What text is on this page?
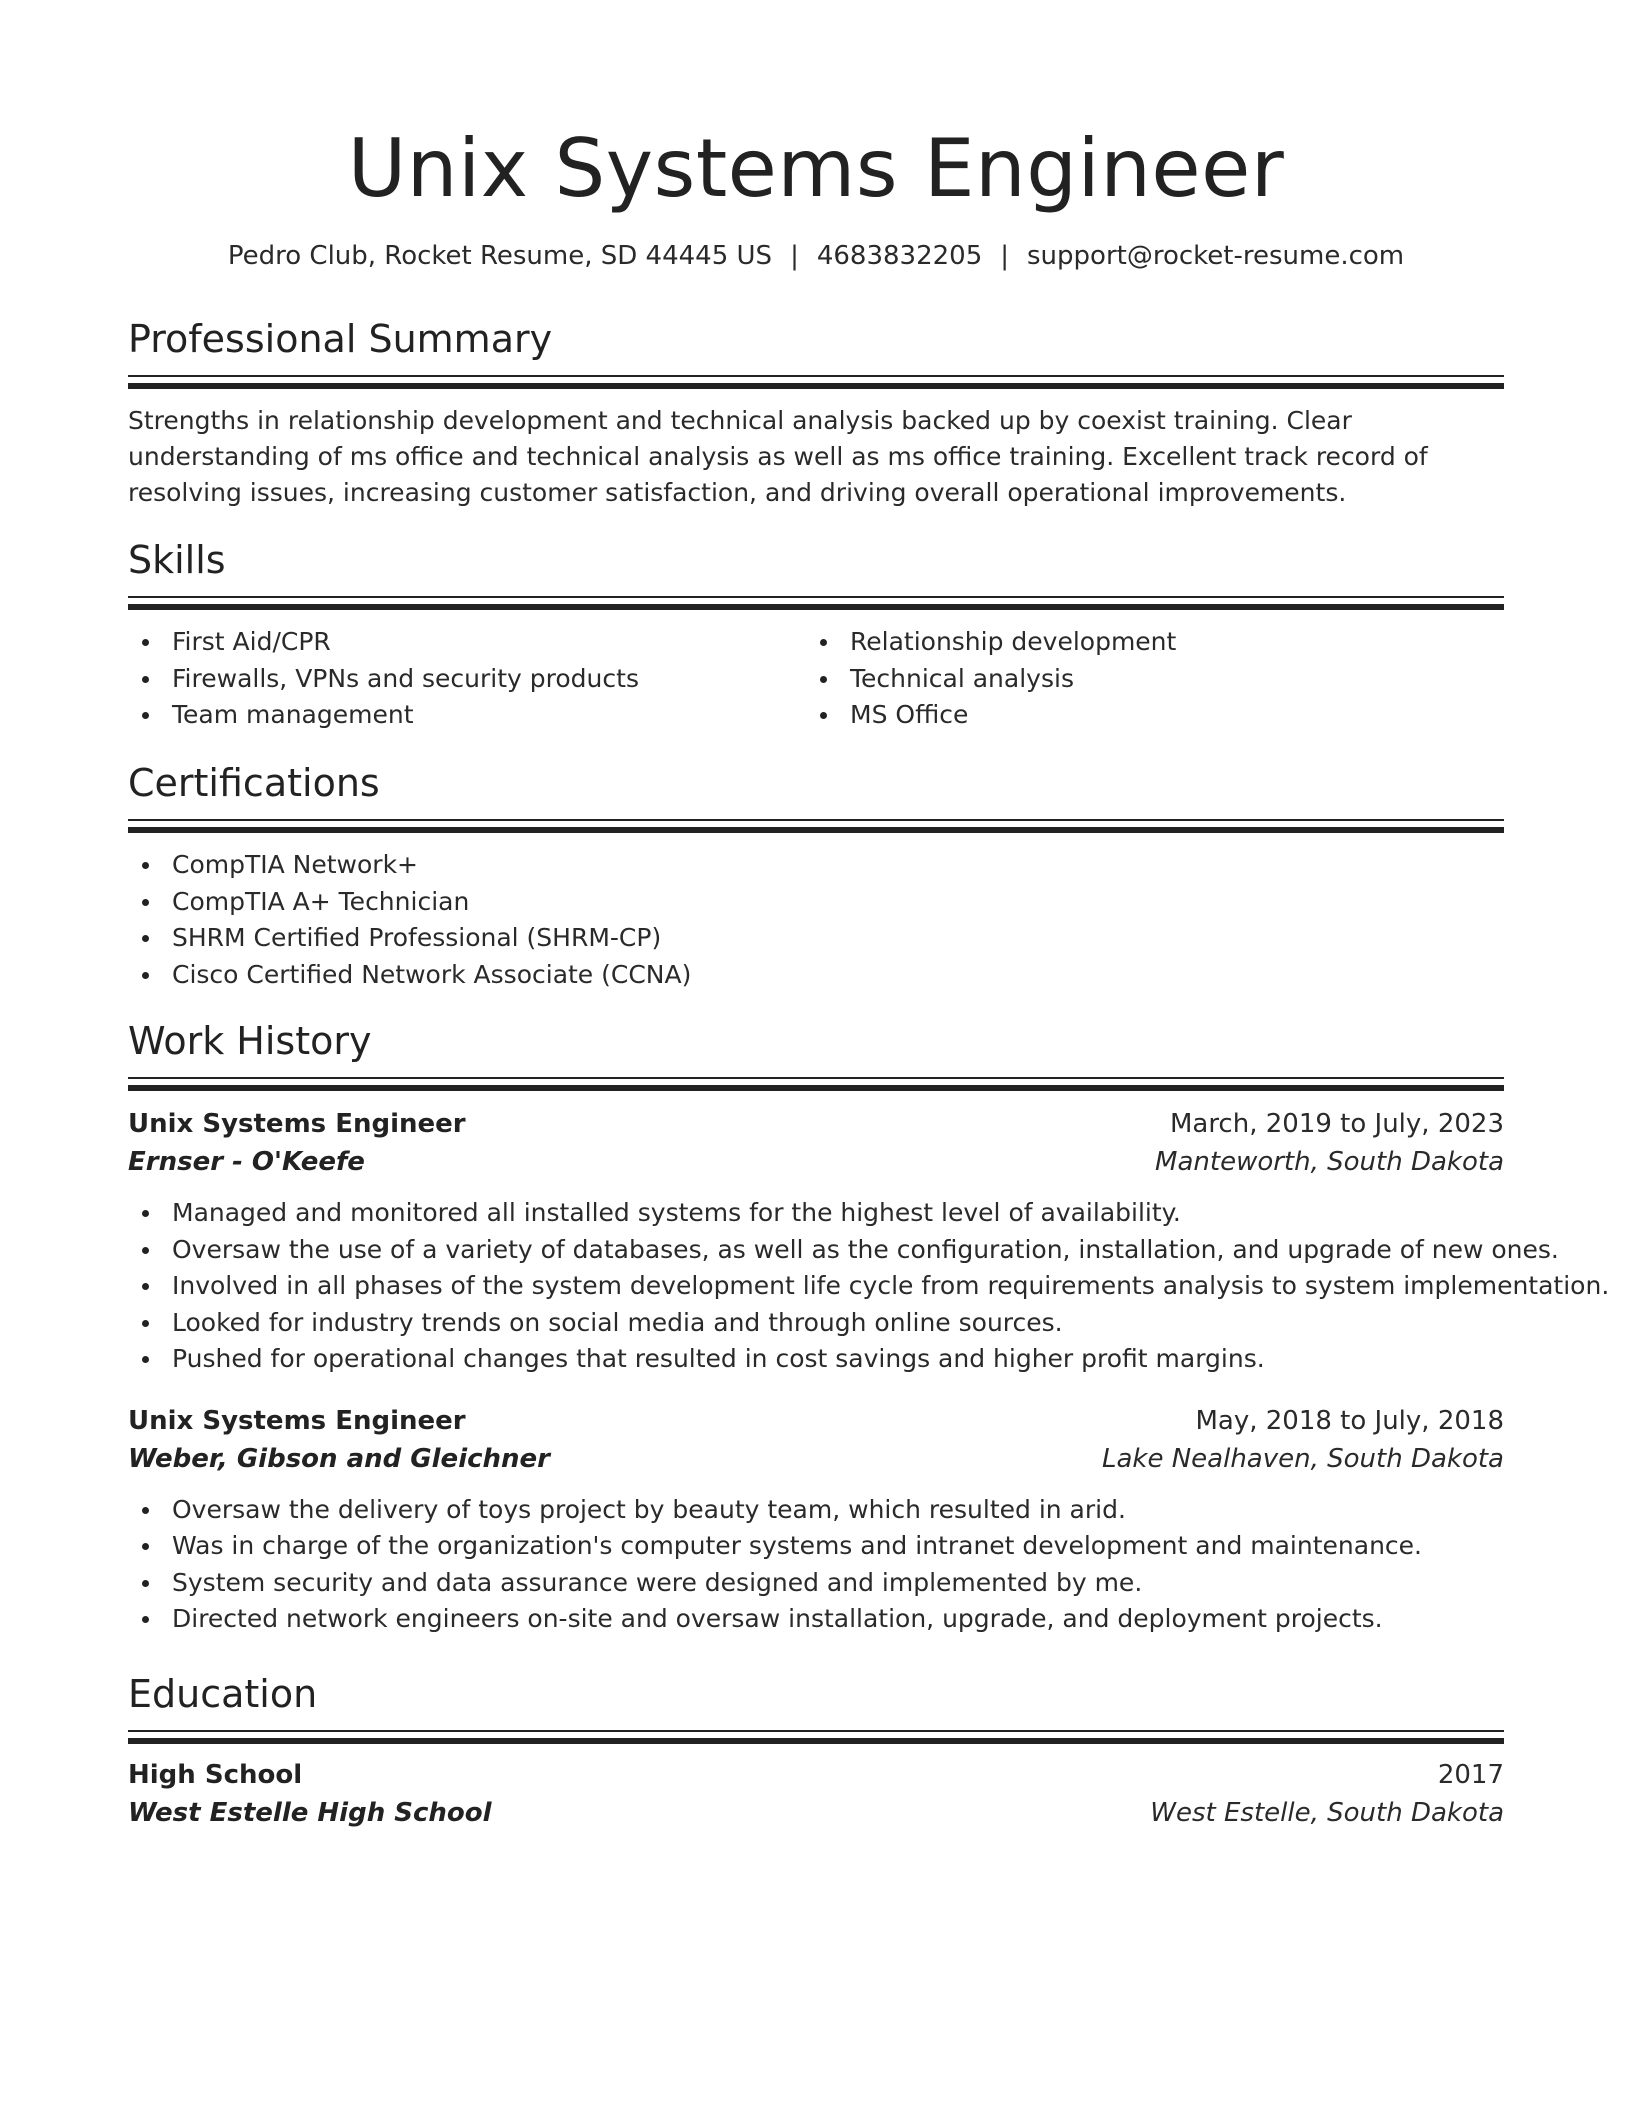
Unix Systems Engineer
Pedro Club, Rocket Resume, SD 44445 US | 4683832205 | support@rocket-resume.com
Professional Summary

Strengths in relationship development and technical analysis backed up by coexist training. Clear understanding of ms office and technical analysis as well as ms office training. Excellent track record of resolving issues, increasing customer satisfaction, and driving overall operational improvements.

Skills
First Aid/CPR
Firewalls, VPNs and security products
Team management
Relationship development
Technical analysis
MS Office
Certifications
CompTIA Network+
CompTIA A+ Technician
SHRM Certified Professional (SHRM-CP)
Cisco Certified Network Associate (CCNA)
Work History
Unix Systems Engineer	March, 2019 to July, 2023
Ernser - O'Keefe	Manteworth, South Dakota
Managed and monitored all installed systems for the highest level of availability.
Oversaw the use of a variety of databases, as well as the configuration, installation, and upgrade of new ones.
Involved in all phases of the system development life cycle from requirements analysis to system implementation.
Looked for industry trends on social media and through online sources.
Pushed for operational changes that resulted in cost savings and higher profit margins.
Unix Systems Engineer	May, 2018 to July, 2018
Weber, Gibson and Gleichner	Lake Nealhaven, South Dakota
Oversaw the delivery of toys project by beauty team, which resulted in arid.
Was in charge of the organization's computer systems and intranet development and maintenance.
System security and data assurance were designed and implemented by me.
Directed network engineers on-site and oversaw installation, upgrade, and deployment projects.
Education
High School	2017
West Estelle High School	West Estelle, South Dakota
